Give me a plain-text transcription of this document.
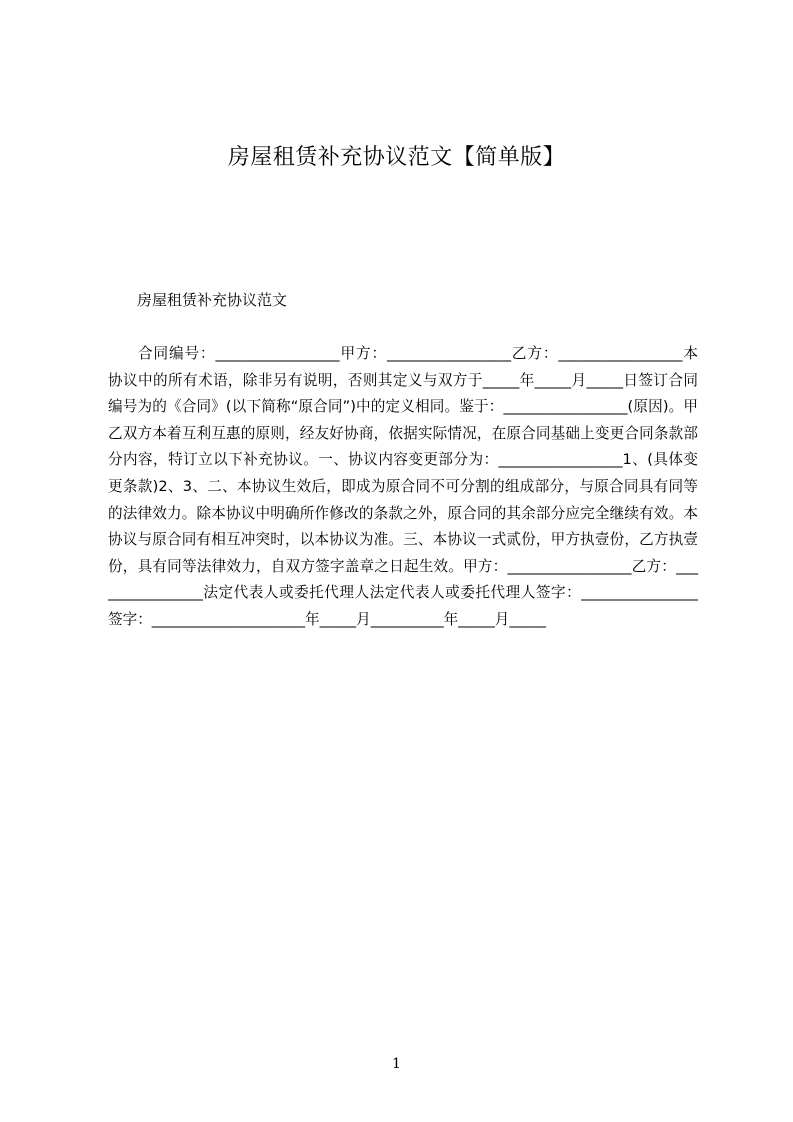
房屋租赁补充协议范文【简单版】

房屋租赁补充协议范文

合同编号：_________________甲方：_________________乙方：_________________本协议中的所有术语，除非另有说明，否则其定义与双方于_____年_____月_____日签订合同编号为的《合同》(以下简称“原合同”)中的定义相同。鉴于：_________________(原因)。甲乙双方本着互利互惠的原则，经友好协商，依据实际情况，在原合同基础上变更合同条款部分内容，特订立以下补充协议。一、协议内容变更部分为：_________________1、(具体变更条款)2、3、二、本协议生效后，即成为原合同不可分割的组成部分，与原合同具有同等的法律效力。除本协议中明确所作修改的条款之外，原合同的其余部分应完全继续有效。本协议与原合同有相互冲突时，以本协议为准。三、本协议一式贰份，甲方执壹份，乙方执壹份，具有同等法律效力，自双方签字盖章之日起生效。甲方：_________________乙方：________________法定代表人或委托代理人法定代表人或委托代理人签字：________________签字：_____________________年_____月__________年_____月_____

1
